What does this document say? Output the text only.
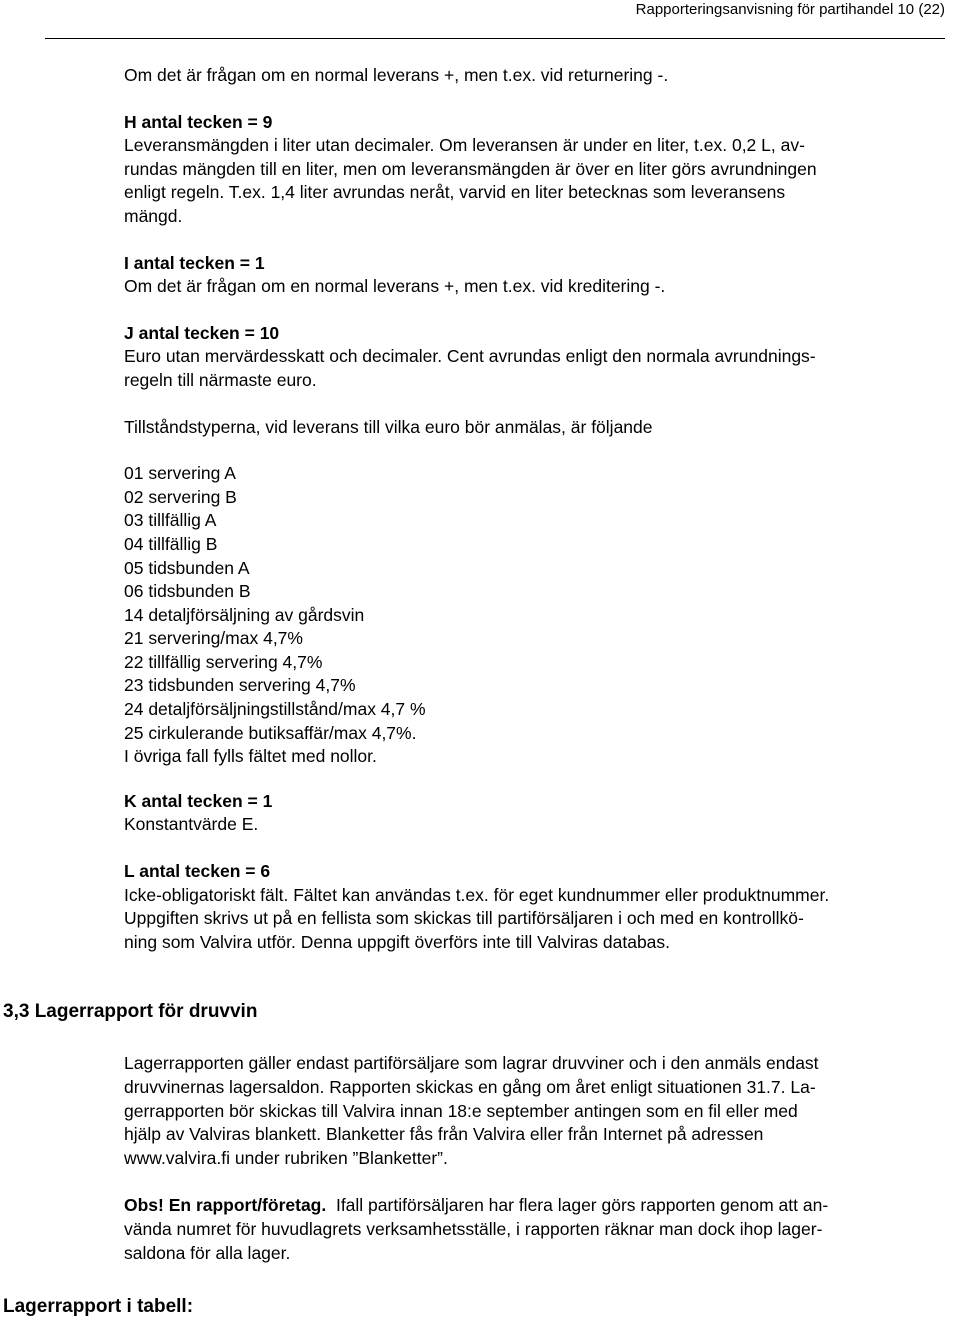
Rapporteringsanvisning för partihandel 10 (22)

Om det är frågan om en normal leverans +, men t.ex. vid returnering -.

H antal tecken = 9

Leveransmängden i liter utan decimaler. Om leveransen är under en liter, t.ex. 0,2 L, av-

rundas mängden till en liter, men om leveransmängden är över en liter görs avrundningen

enligt regeln. T.ex. 1,4 liter avrundas neråt, varvid en liter betecknas som leveransens

mängd.

I antal tecken = 1

Om det är frågan om en normal leverans +, men t.ex. vid kreditering -.

J antal tecken = 10

Euro utan mervärdesskatt och decimaler. Cent avrundas enligt den normala avrundnings-

regeln till närmaste euro.

Tillståndstyperna, vid leverans till vilka euro bör anmälas, är följande

01 servering A
02 servering B
03 tillfällig A
04 tillfällig B
05 tidsbunden A
06 tidsbunden B
14 detaljförsäljning av gårdsvin
21 servering/max 4,7%
22 tillfällig servering 4,7%
23 tidsbunden servering 4,7%
24 detaljförsäljningstillstånd/max 4,7 %
25 cirkulerande butiksaffär/max 4,7%.
I övriga fall fylls fältet med nollor.

K antal tecken = 1

Konstantvärde E.

L antal tecken = 6

Icke-obligatoriskt fält. Fältet kan användas t.ex. för eget kundnummer eller produktnummer.

Uppgiften skrivs ut på en fellista som skickas till partiförsäljaren i och med en kontrollkö-

ning som Valvira utför. Denna uppgift överförs inte till Valviras databas.

3,3 Lagerrapport för druvvin

Lagerrapporten gäller endast partiförsäljare som lagrar druvviner och i den anmäls endast

druvvinernas lagersaldon. Rapporten skickas en gång om året enligt situationen 31.7. La-

gerrapporten bör skickas till Valvira innan 18:e september antingen som en fil eller med

hjälp av Valviras blankett. Blanketter fås från Valvira eller från Internet på adressen

www.valvira.fi under rubriken ”Blanketter”.

Obs! En rapport/företag.  Ifall partiförsäljaren har flera lager görs rapporten genom att an-

vända numret för huvudlagrets verksamhetsställe, i rapporten räknar man dock ihop lager-

saldona för alla lager.

Lagerrapport i tabell:
